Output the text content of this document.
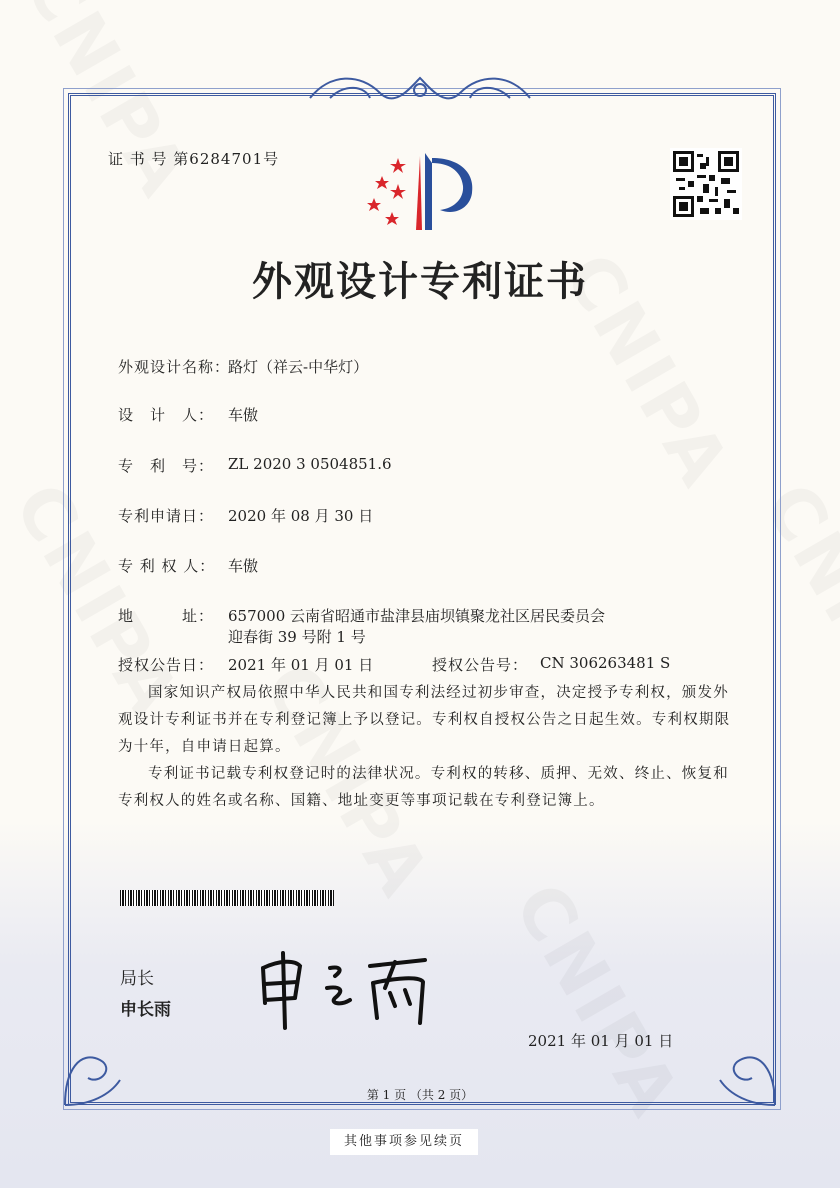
证 书 号 第6284701号
外观设计专利证书
外观设计名称：
路灯（祥云-中华灯）
设　计　人： 车傲
专　利　号： ZL 2020 3 0504851.6
专利申请日： 2020 年 08 月 30 日
专 利 权 人： 车傲
地　　　址： 657000 云南省昭通市盐津县庙坝镇聚龙社区居民委员会
迎春街 39 号附 1 号
授权公告日： 2021 年 01 月 01 日	授权公告号： CN 306263481 S
国家知识产权局依照中华人民共和国专利法经过初步审查，决定授予专利权，颁发外观设计专利证书并在专利登记簿上予以登记。专利权自授权公告之日起生效。专利权期限为十年，自申请日起算。
专利证书记载专利权登记时的法律状况。专利权的转移、质押、无效、终止、恢复和专利权人的姓名或名称、国籍、地址变更等事项记载在专利登记簿上。
局长
申长雨
2021 年 01 月 01 日
第 1 页 （共 2 页）
其他事项参见续页
